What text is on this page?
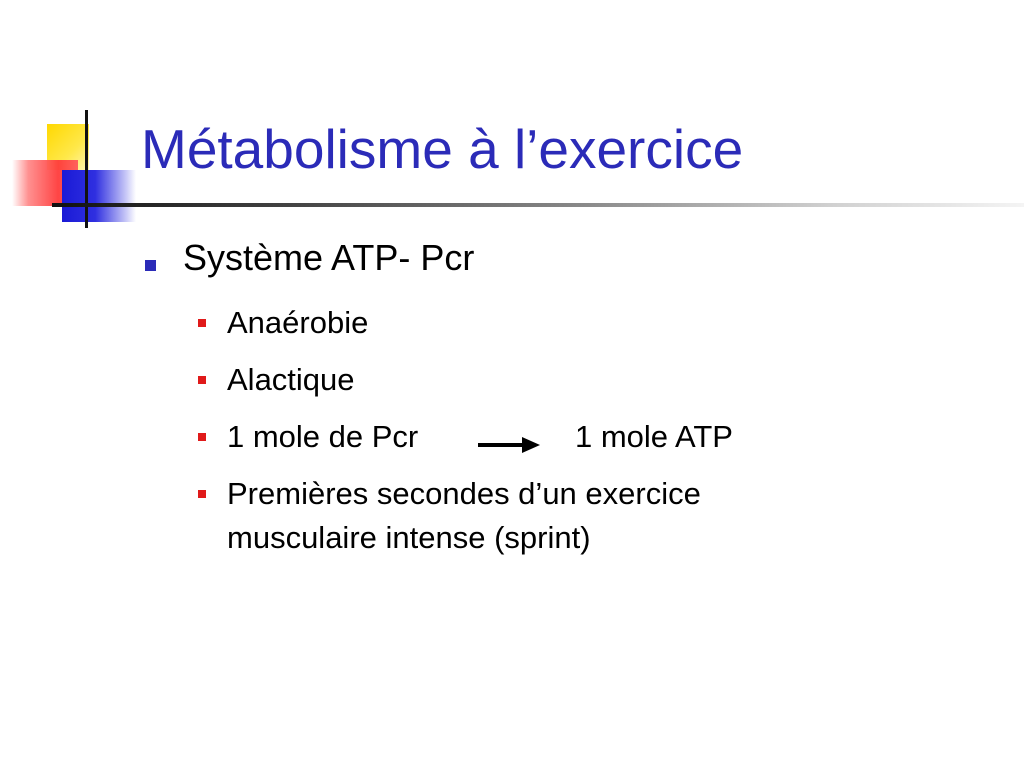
Métabolisme à l’exercice
Système ATP- Pcr
Anaérobie
Alactique
1 mole de Pcr	1 mole ATP
Premières secondes d’un exercice
musculaire intense (sprint)
